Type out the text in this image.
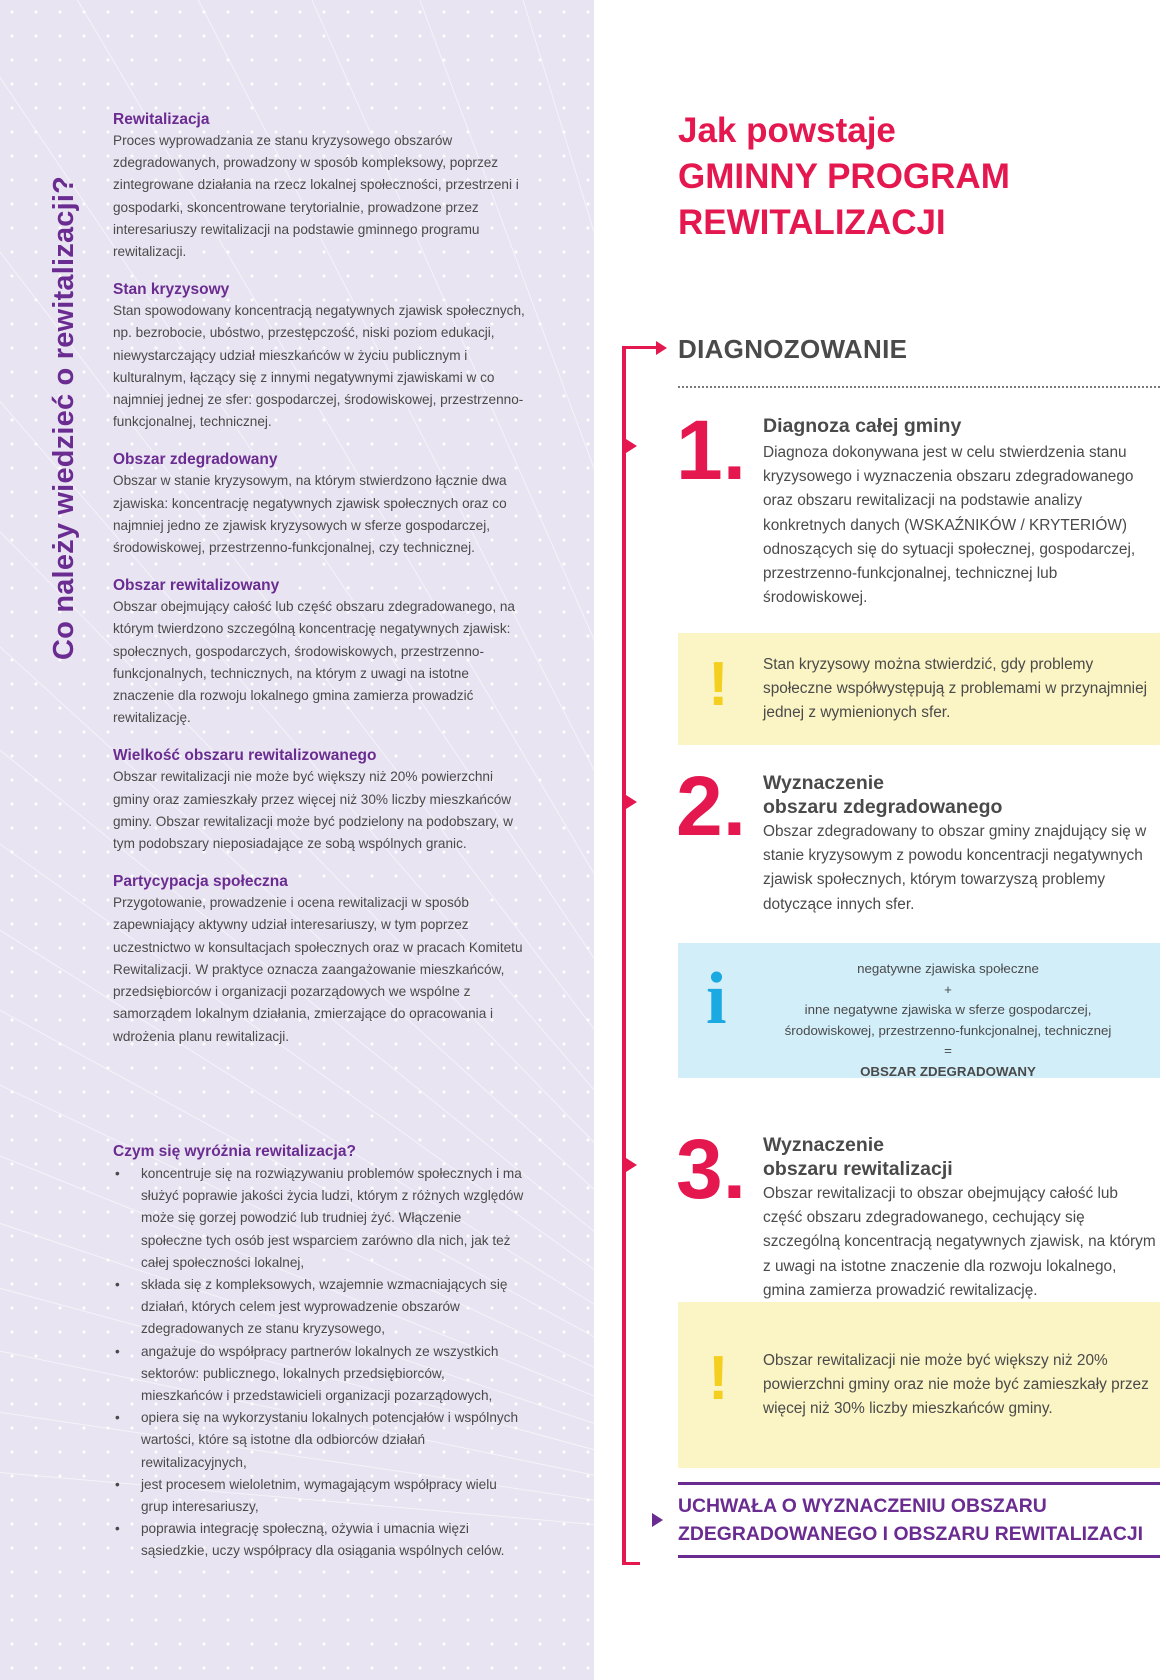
Co należy wiedzieć o rewitalizacji?
Rewitalizacja
Proces wyprowadzania ze stanu kryzysowego obszarów zdegradowanych, prowadzony w sposób kompleksowy, poprzez zintegrowane działania na rzecz lokalnej społeczności, przestrzeni i gospodarki, skoncentrowane terytorialnie, prowadzone przez interesariuszy rewitalizacji na podstawie gminnego programu rewitalizacji.
Stan kryzysowy
Stan spowodowany koncentracją negatywnych zjawisk społecznych, np. bezrobocie, ubóstwo, przestępczość, niski poziom edukacji, niewystarczający udział mieszkańców w życiu publicznym i kulturalnym, łączący się z innymi negatywnymi zjawiskami w co najmniej jednej ze sfer: gospodarczej, środowiskowej, przestrzenno-funkcjonalnej, technicznej.
Obszar zdegradowany
Obszar w stanie kryzysowym, na którym stwierdzono łącznie dwa zjawiska: koncentrację negatywnych zjawisk społecznych oraz co najmniej jedno ze zjawisk kryzysowych w sferze gospodarczej, środowiskowej, przestrzenno-funkcjonalnej, czy technicznej.
Obszar rewitalizowany
Obszar obejmujący całość lub część obszaru zdegradowanego, na którym twierdzono szczególną koncentrację negatywnych zjawisk: społecznych, gospodarczych, środowiskowych, przestrzenno-funkcjonalnych, technicznych, na którym z uwagi na istotne znaczenie dla rozwoju lokalnego gmina zamierza prowadzić rewitalizację.
Wielkość obszaru rewitalizowanego
Obszar rewitalizacji nie może być większy niż 20% powierzchni gminy oraz zamieszkały przez więcej niż 30% liczby mieszkańców gminy. Obszar rewitalizacji może być podzielony na podobszary, w tym podobszary nieposiadające ze sobą wspólnych granic.
Partycypacja społeczna
Przygotowanie, prowadzenie i ocena rewitalizacji w sposób zapewniający aktywny udział interesariuszy, w tym poprzez uczestnictwo w konsultacjach społecznych oraz w pracach Komitetu Rewitalizacji. W praktyce oznacza zaangażowanie mieszkańców, przedsiębiorców i organizacji pozarządowych we wspólne z samorządem lokalnym działania, zmierzające do opracowania i wdrożenia planu rewitalizacji.
Czym się wyróżnia rewitalizacja?
• koncentruje się na rozwiązywaniu problemów społecznych i ma służyć poprawie jakości życia ludzi, którym z różnych względów może się gorzej powodzić lub trudniej żyć. Włączenie społeczne tych osób jest wsparciem zarówno dla nich, jak też całej społeczności lokalnej,
• składa się z kompleksowych, wzajemnie wzmacniających się działań, których celem jest wyprowadzenie obszarów zdegradowanych ze stanu kryzysowego,
• angażuje do współpracy partnerów lokalnych ze wszystkich sektorów: publicznego, lokalnych przedsiębiorców, mieszkańców i przedstawicieli organizacji pozarządowych,
• opiera się na wykorzystaniu lokalnych potencjałów i wspólnych wartości, które są istotne dla odbiorców działań rewitalizacyjnych,
• jest procesem wieloletnim, wymagającym współpracy wielu grup interesariuszy,
• poprawia integrację społeczną, ożywia i umacnia więzi sąsiedzkie, uczy współpracy dla osiągania wspólnych celów.
Jak powstaje
GMINNY PROGRAM
REWITALIZACJI
DIAGNOZOWANIE
1. Diagnoza całej gminy
Diagnoza dokonywana jest w celu stwierdzenia stanu kryzysowego i wyznaczenia obszaru zdegradowanego oraz obszaru rewitalizacji na podstawie analizy konkretnych danych (WSKAŹNIKÓW / KRYTERIÓW) odnoszących się do sytuacji społecznej, gospodarczej, przestrzenno-funkcjonalnej, technicznej lub środowiskowej.
! Stan kryzysowy można stwierdzić, gdy problemy społeczne współwystępują z problemami w przynajmniej jednej z wymienionych sfer.
2. Wyznaczenie
obszaru zdegradowanego
Obszar zdegradowany to obszar gminy znajdujący się w stanie kryzysowym z powodu koncentracji negatywnych zjawisk społecznych, którym towarzyszą problemy dotyczące innych sfer.
i	negatywne zjawiska społeczne
+
inne negatywne zjawiska w sferze gospodarczej,
środowiskowej, przestrzenno-funkcjonalnej, technicznej
=
OBSZAR ZDEGRADOWANY
3. Wyznaczenie
obszaru rewitalizacji
Obszar rewitalizacji to obszar obejmujący całość lub część obszaru zdegradowanego, cechujący się szczególną koncentracją negatywnych zjawisk, na którym z uwagi na istotne znaczenie dla rozwoju lokalnego, gmina zamierza prowadzić rewitalizację.
! Obszar rewitalizacji nie może być większy niż 20% powierzchni gminy oraz nie może być zamieszkały przez więcej niż 30% liczby mieszkańców gminy.
UCHWAŁA O WYZNACZENIU OBSZARU
ZDEGRADOWANEGO I OBSZARU REWITALIZACJI
